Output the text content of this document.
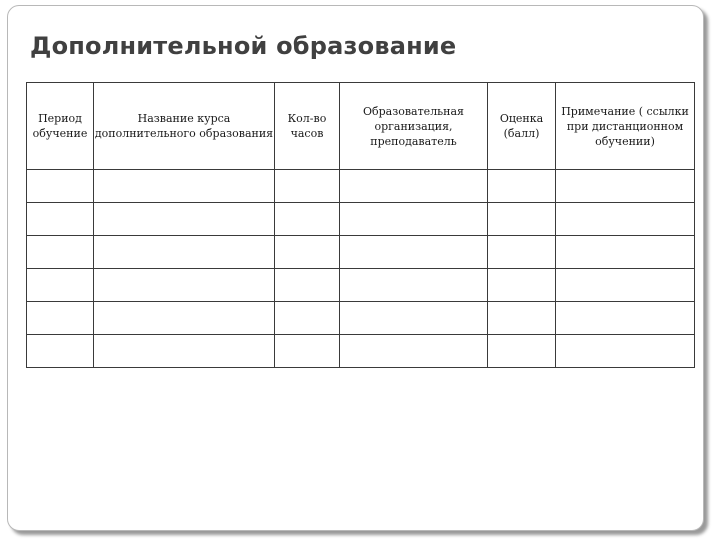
Дополнительной образование
Период обучение	Название курса дополнительного образования	Кол-во часов	Образовательная организация, преподаватель	Оценка (балл)	Примечание ( ссылки при дистанционном обучении)
